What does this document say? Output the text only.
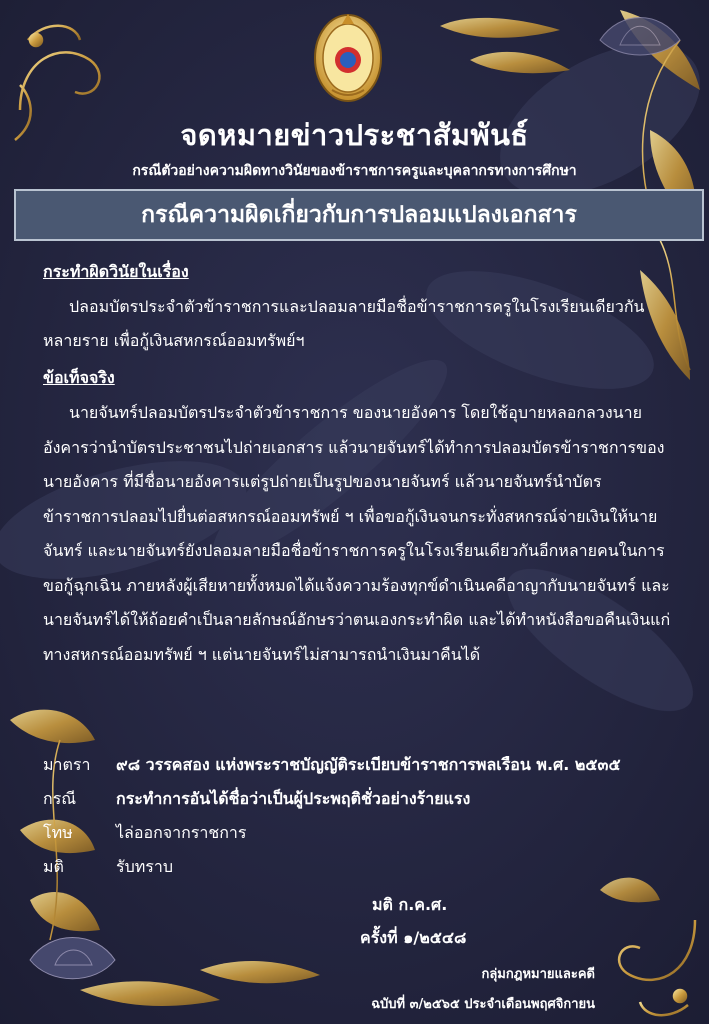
จดหมายข่าวประชาสัมพันธ์
กรณีตัวอย่างความผิดทางวินัยของข้าราชการครูและบุคลากรทางการศึกษา
กรณีความผิดเกี่ยวกับการปลอมแปลงเอกสาร
กระทำผิดวินัยในเรื่อง
ปลอมบัตรประจำตัวข้าราชการและปลอมลายมือชื่อข้าราชการครูในโรงเรียนเดียวกันหลายราย เพื่อกู้เงินสหกรณ์ออมทรัพย์ฯ
ข้อเท็จจริง
นายจันทร์ปลอมบัตรประจำตัวข้าราชการ ของนายอังคาร โดยใช้อุบายหลอกลวงนายอังคารว่านำบัตรประชาชนไปถ่ายเอกสาร แล้วนายจันทร์ได้ทำการปลอมบัตรข้าราชการของนายอังคาร ที่มีชื่อนายอังคารแต่รูปถ่ายเป็นรูปของนายจันทร์ แล้วนายจันทร์นำบัตรข้าราชการปลอมไปยื่นต่อสหกรณ์ออมทรัพย์ ฯ เพื่อขอกู้เงินจนกระทั่งสหกรณ์จ่ายเงินให้นายจันทร์ และนายจันทร์ยังปลอมลายมือชื่อข้าราชการครูในโรงเรียนเดียวกันอีกหลายคนในการขอกู้ฉุกเฉิน ภายหลังผู้เสียหายทั้งหมดได้แจ้งความร้องทุกข์ดำเนินคดีอาญากับนายจันทร์ และนายจันทร์ได้ให้ถ้อยคำเป็นลายลักษณ์อักษรว่าตนเองกระทำผิด และได้ทำหนังสือขอคืนเงินแก่ทางสหกรณ์ออมทรัพย์ ฯ แต่นายจันทร์ไม่สามารถนำเงินมาคืนได้
มาตรา	๙๘ วรรคสอง แห่งพระราชบัญญัติระเบียบข้าราชการพลเรือน พ.ศ. ๒๕๓๕
กรณี	กระทำการอันได้ชื่อว่าเป็นผู้ประพฤติชั่วอย่างร้ายแรง
โทษ	ไล่ออกจากราชการ
มติ	รับทราบ
มติ ก.ค.ศ.
ครั้งที่ ๑/๒๕๔๘
กลุ่มกฎหมายและคดี
ฉบับที่ ๓/๒๕๖๕ ประจำเดือนพฤศจิกายน
